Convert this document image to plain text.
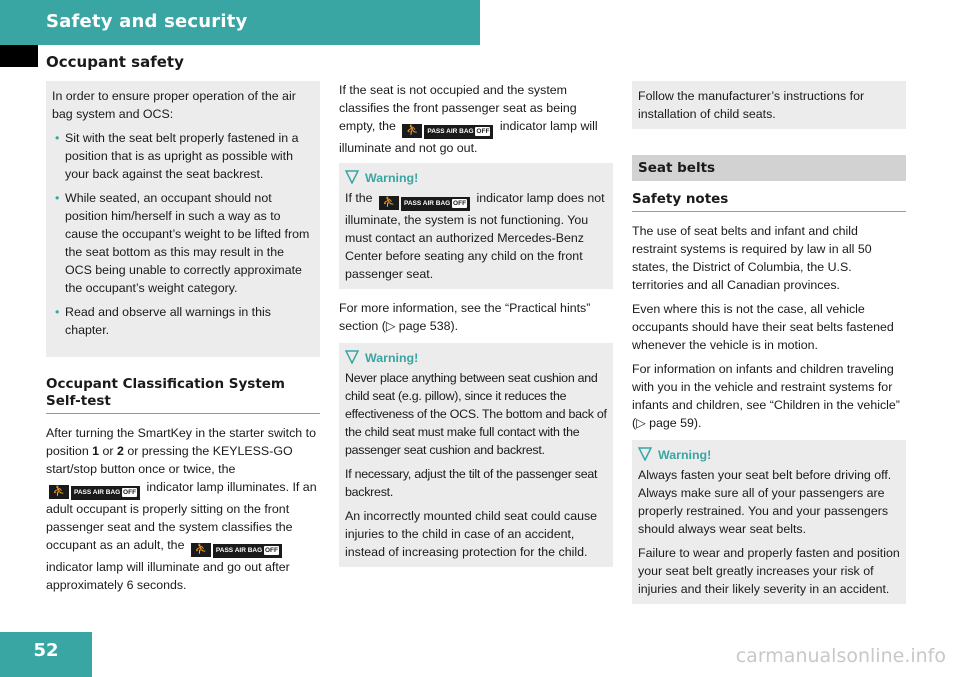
Safety and security
Occupant safety

In order to ensure proper operation of the air bag system and OCS:

• Sit with the seat belt properly fastened in a position that is as upright as possible with your back against the seat backrest.
• While seated, an occupant should not position him/herself in such a way as to cause the occupant’s weight to be lifted from the seat bottom as this may result in the OCS being unable to correctly approximate the occupant’s weight category.
• Read and observe all warnings in this chapter.
Occupant Classification System Self-test

After turning the SmartKey in the starter switch to position 1 or 2 or pressing the KEYLESS-GO start/stop button once or twice, the ⛹ PASS AIR BAG OFF indicator lamp illuminates. If an adult occupant is properly sitting on the front passenger seat and the system classifies the occupant as an adult, the ⛹ PASS AIR BAG OFF indicator lamp will illuminate and go out after approximately 6 seconds.

If the seat is not occupied and the system classifies the front passenger seat as being empty, the ⛹ PASS AIR BAG OFF indicator lamp will illuminate and not go out.

Warning!

If the ⛹ PASS AIR BAG OFF indicator lamp does not illuminate, the system is not functioning. You must contact an authorized Mercedes-Benz Center before seating any child on the front passenger seat.

For more information, see the “Practical hints” section (▷ page 538).

Warning!

Never place anything between seat cushion and child seat (e.g. pillow), since it reduces the effectiveness of the OCS. The bottom and back of the child seat must make full contact with the passenger seat cushion and backrest.

If necessary, adjust the tilt of the passenger seat backrest.

An incorrectly mounted child seat could cause injuries to the child in case of an accident, instead of increasing protection for the child.

Follow the manufacturer’s instructions for installation of child seats.

Seat belts
Safety notes

The use of seat belts and infant and child restraint systems is required by law in all 50 states, the District of Columbia, the U.S. territories and all Canadian provinces.

Even where this is not the case, all vehicle occupants should have their seat belts fastened whenever the vehicle is in motion.

For information on infants and children traveling with you in the vehicle and restraint systems for infants and children, see “Children in the vehicle” (▷ page 59).

Warning!

Always fasten your seat belt before driving off. Always make sure all of your passengers are properly restrained. You and your passengers should always wear seat belts.

Failure to wear and properly fasten and position your seat belt greatly increases your risk of injuries and their likely severity in an accident.

52	carmanualsonline.info
